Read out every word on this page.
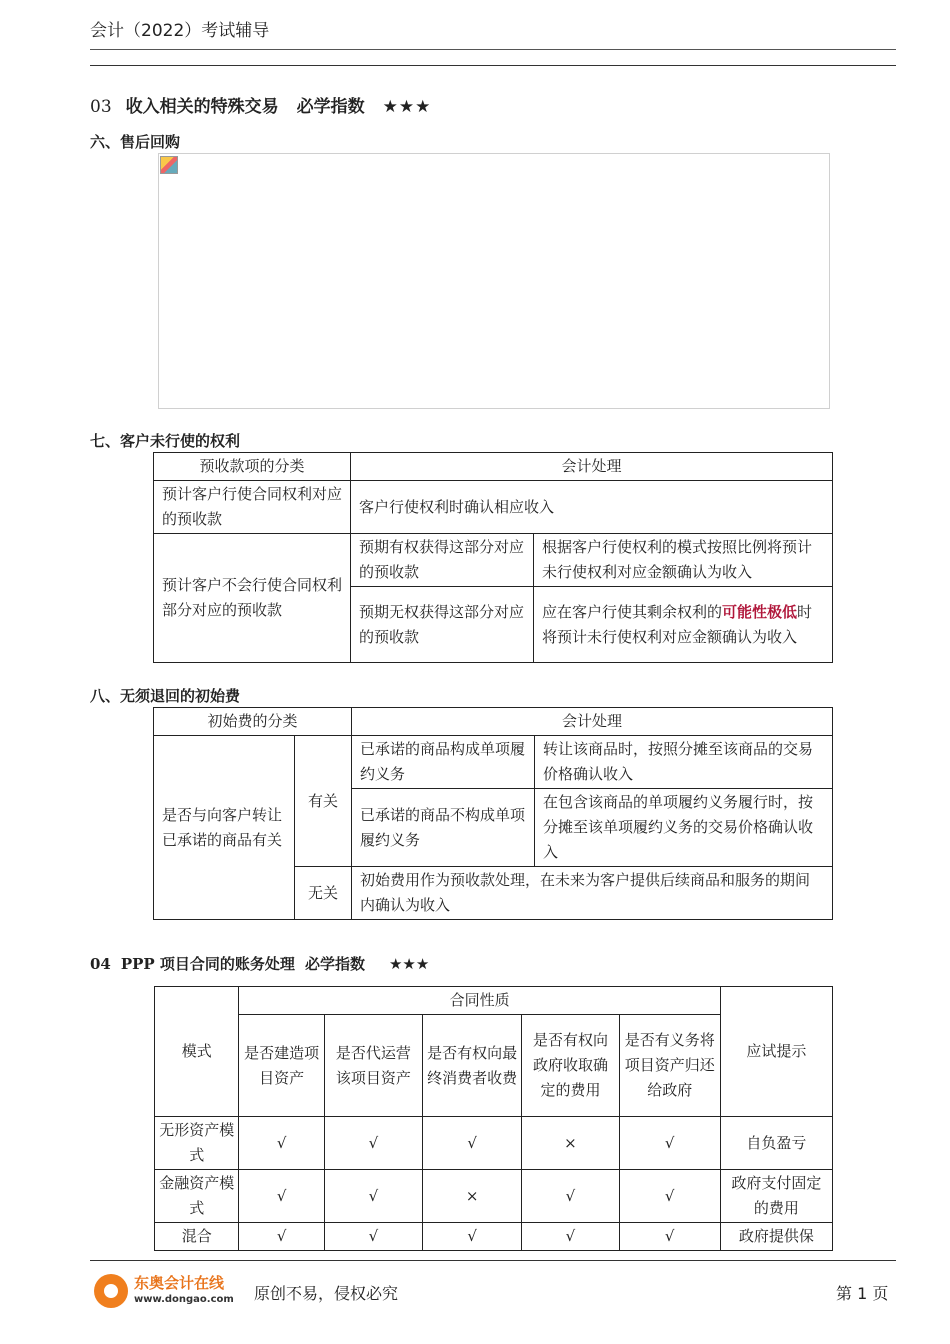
会计（2022）考试辅导
03 收入相关的特殊交易 必学指数 ★★★
六、售后回购
七、客户未行使的权利
预收款项的分类	会计处理	
预计客户行使合同权利对应的预收款	客户行使权利时确认相应收入	
预计客户不会行使合同权利部分对应的预收款	预期有权获得这部分对应的预收款	根据客户行使权利的模式按照比例将预计未行使权利对应金额确认为收入
	预期无权获得这部分对应的预收款	应在客户行使其剩余权利的可能性极低时将预计未行使权利对应金额确认为收入
八、无须退回的初始费
初始费的分类		会计处理	
是否与向客户转让已承诺的商品有关	有关	已承诺的商品构成单项履约义务	转让该商品时，按照分摊至该商品的交易价格确认收入
		已承诺的商品不构成单项履约义务	在包含该商品的单项履约义务履行时，按分摊至该单项履约义务的交易价格确认收入
	无关	初始费用作为预收款处理，在未来为客户提供后续商品和服务的期间内确认为收入	
04 PPP 项目合同的账务处理 必学指数 ★★★
模式	合同性质					应试提示
	是否建造项目资产	是否代运营该项目资产	是否有权向最终消费者收费	是否有权向政府收取确定的费用	是否有义务将项目资产归还给政府	
无形资产模式	√	√	√	×	√	自负盈亏
金融资产模式	√	√	×	√	√	政府支付固定的费用
混合	√	√	√	√	√	政府提供保
东奥会计在线
www.dongao.com 原创不易，侵权必究	第 1 页
